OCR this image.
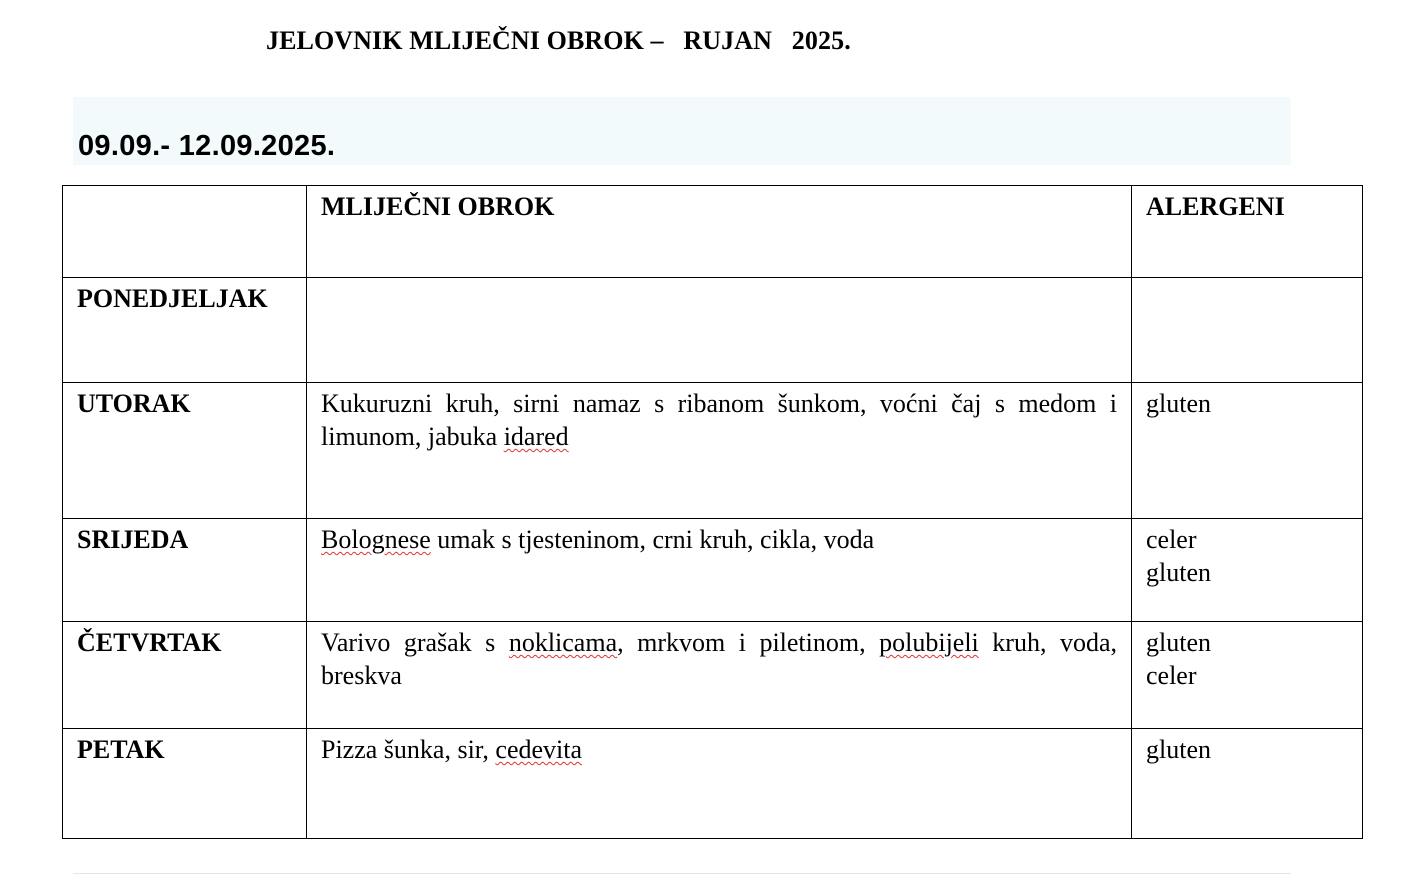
JELOVNIK MLIJEČNI OBROK –   RUJAN   2025.
09.09.- 12.09.2025.
	MLIJEČNI OBROK	ALERGENI
PONEDJELJAK		
UTORAK	Kukuruzni kruh, sirni namaz s ribanom šunkom, voćni čaj s medom i limunom, jabuka idared	gluten

SRIJEDA	Bolognese umak s tjesteninom, crni kruh, cikla, voda	celer
gluten

ČETVRTAK	Varivo grašak s noklicama, mrkvom i piletinom, polubijeli kruh, voda, breskva	gluten
celer

PETAK	Pizza šunka, sir, cedevita	gluten
